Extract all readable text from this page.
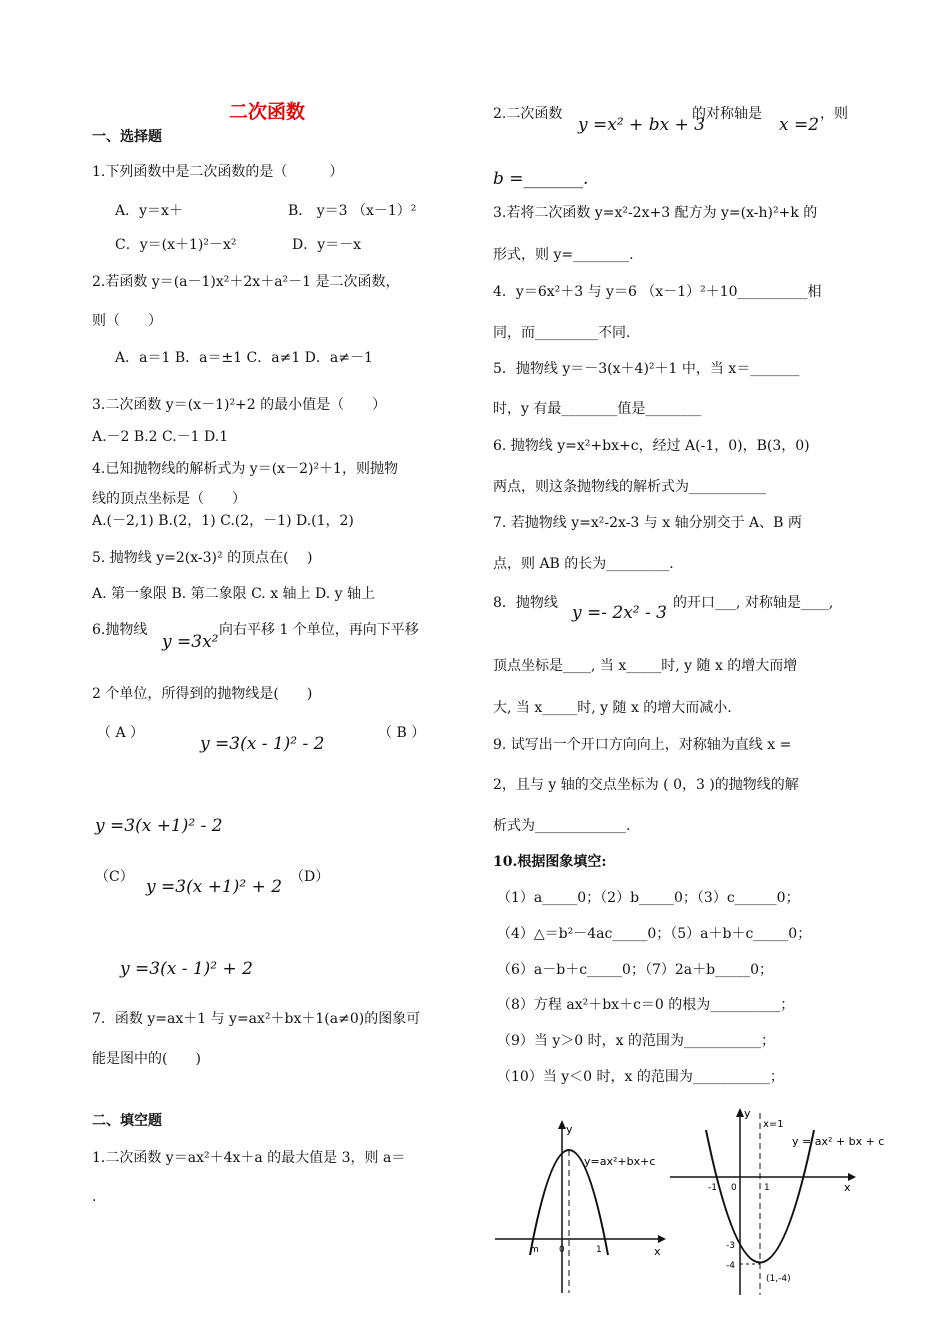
二次函数
一、选择题
1.下列函数中是二次函数的是（　　　）
A．y＝x＋	B． y＝3 （x－1）²
C．y＝(x＋1)²－x²	D．y＝－x
2.若函数 y＝(a－1)x²＋2x＋a²－1 是二次函数，
则（　　）
A．a＝1 B．a＝±1 C．a≠1 D．a≠－1
3.二次函数 y＝(x－1)²+2 的最小值是（　　）
A.－2 B.2 C.－1 D.1
4.已知抛物线的解析式为 y＝(x－2)²＋1，则抛物
线的顶点坐标是（　　）
A.(－2,1) B.(2，1) C.(2，－1) D.(1，2)
5. 抛物线 y=2(x-3)² 的顶点在(　 )
A. 第一象限 B. 第二象限 C. x 轴上 D. y 轴上
6.抛物线
y =3x²
向右平移 1 个单位，再向下平移
2 个单位，所得到的抛物线是(　　)
（ A ）
y =3(x - 1)² - 2
（ B ）
y =3(x +1)² - 2
（C） y =3(x +1)² + 2 （D）
y =3(x - 1)² + 2
7．函数 y=ax＋1 与 y=ax²＋bx＋1(a≠0)的图象可
能是图中的(　　)
二、填空题
1.二次函数 y＝ax²＋4x＋a 的最大值是 3，则 a＝
.
2.二次函数
y =x² + bx + 3
的对称轴是
x =2
，则
b =_______.
3.若将二次函数 y=x²-2x+3 配方为 y=(x-h)²+k 的
形式，则 y=________.
4．y＝6x²＋3 与 y＝6 （x－1）²＋10__________相
同，而_________不同.
5．抛物线 y＝－3(x＋4)²＋1 中，当 x＝_______
时，y 有最________值是________
6. 抛物线 y=x²+bx+c，经过 A(-1，0)，B(3，0)
两点，则这条抛物线的解析式为___________
7. 若抛物线 y=x²-2x-3 与 x 轴分别交于 A、B 两
点，则 AB 的长为_________.
8．抛物线 y =- 2x² - 3 的开口___, 对称轴是____,
顶点坐标是____, 当 x_____时, y 随 x 的增大而增
大, 当 x_____时, y 随 x 的增大而减小.
9. 试写出一个开口方向向上，对称轴为直线 x =
2，且与 y 轴的交点坐标为 ( 0，3 )的抛物线的解
析式为_____________.
10.根据图象填空:
（1）a_____0；（2）b_____0；（3）c______0；
（4）△＝b²－4ac_____0；（5）a＋b＋c_____0；
（6）a－b＋c_____0；（7）2a＋b_____0；
（8）方程 ax²＋bx＋c＝0 的根为__________；
（9）当 y＞0 时，x 的范围为___________；
（10）当 y＜0 时，x 的范围为___________；
y
x
y=ax²+bx+c
m 0	1
y
x
x=1
y = ax² + bx + c
-1 0	1
-3
-4
(1,-4)
